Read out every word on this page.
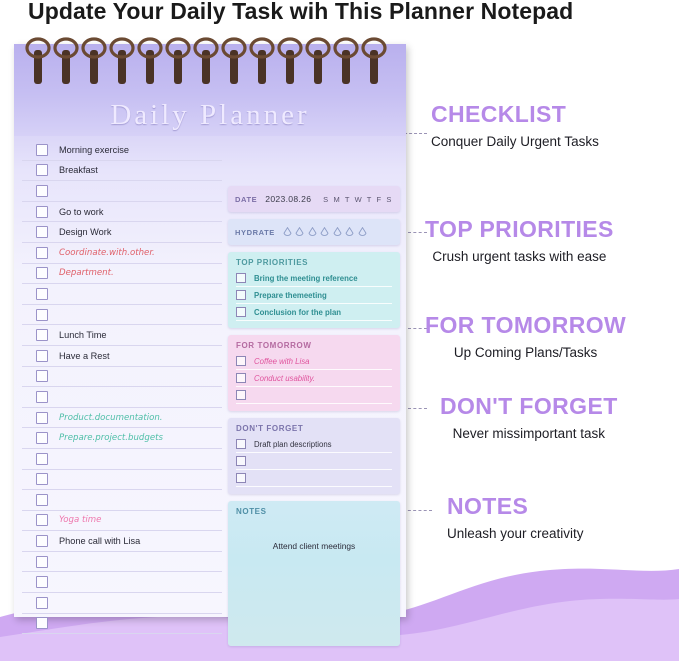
Update Your Daily Task wih This Planner Notepad
Daily Planner
Morning exercise
Breakfast
Go to work
Design Work
Coordinate.with.other.
Department.
Lunch Time
Have a Rest
Product.documentation.
Prepare.project.budgets
Yoga time
Phone call with Lisa
DATE 2023.08.26 S M T W T F S
HYDRATE
TOP PRIORITIES
Bring the meeting reference
Prepare themeeting
Conclusion for the plan
FOR TOMORROW
Coffee with Lisa
Conduct usability.
DON'T FORGET
Draft plan descriptions
NOTES
Attend client meetings
CHECKLIST
Conquer Daily Urgent Tasks
TOP PRIORITIES
Crush urgent tasks with ease
FOR TOMORROW
Up Coming Plans/Tasks
DON'T FORGET
Never missimportant task
NOTES
Unleash your creativity
